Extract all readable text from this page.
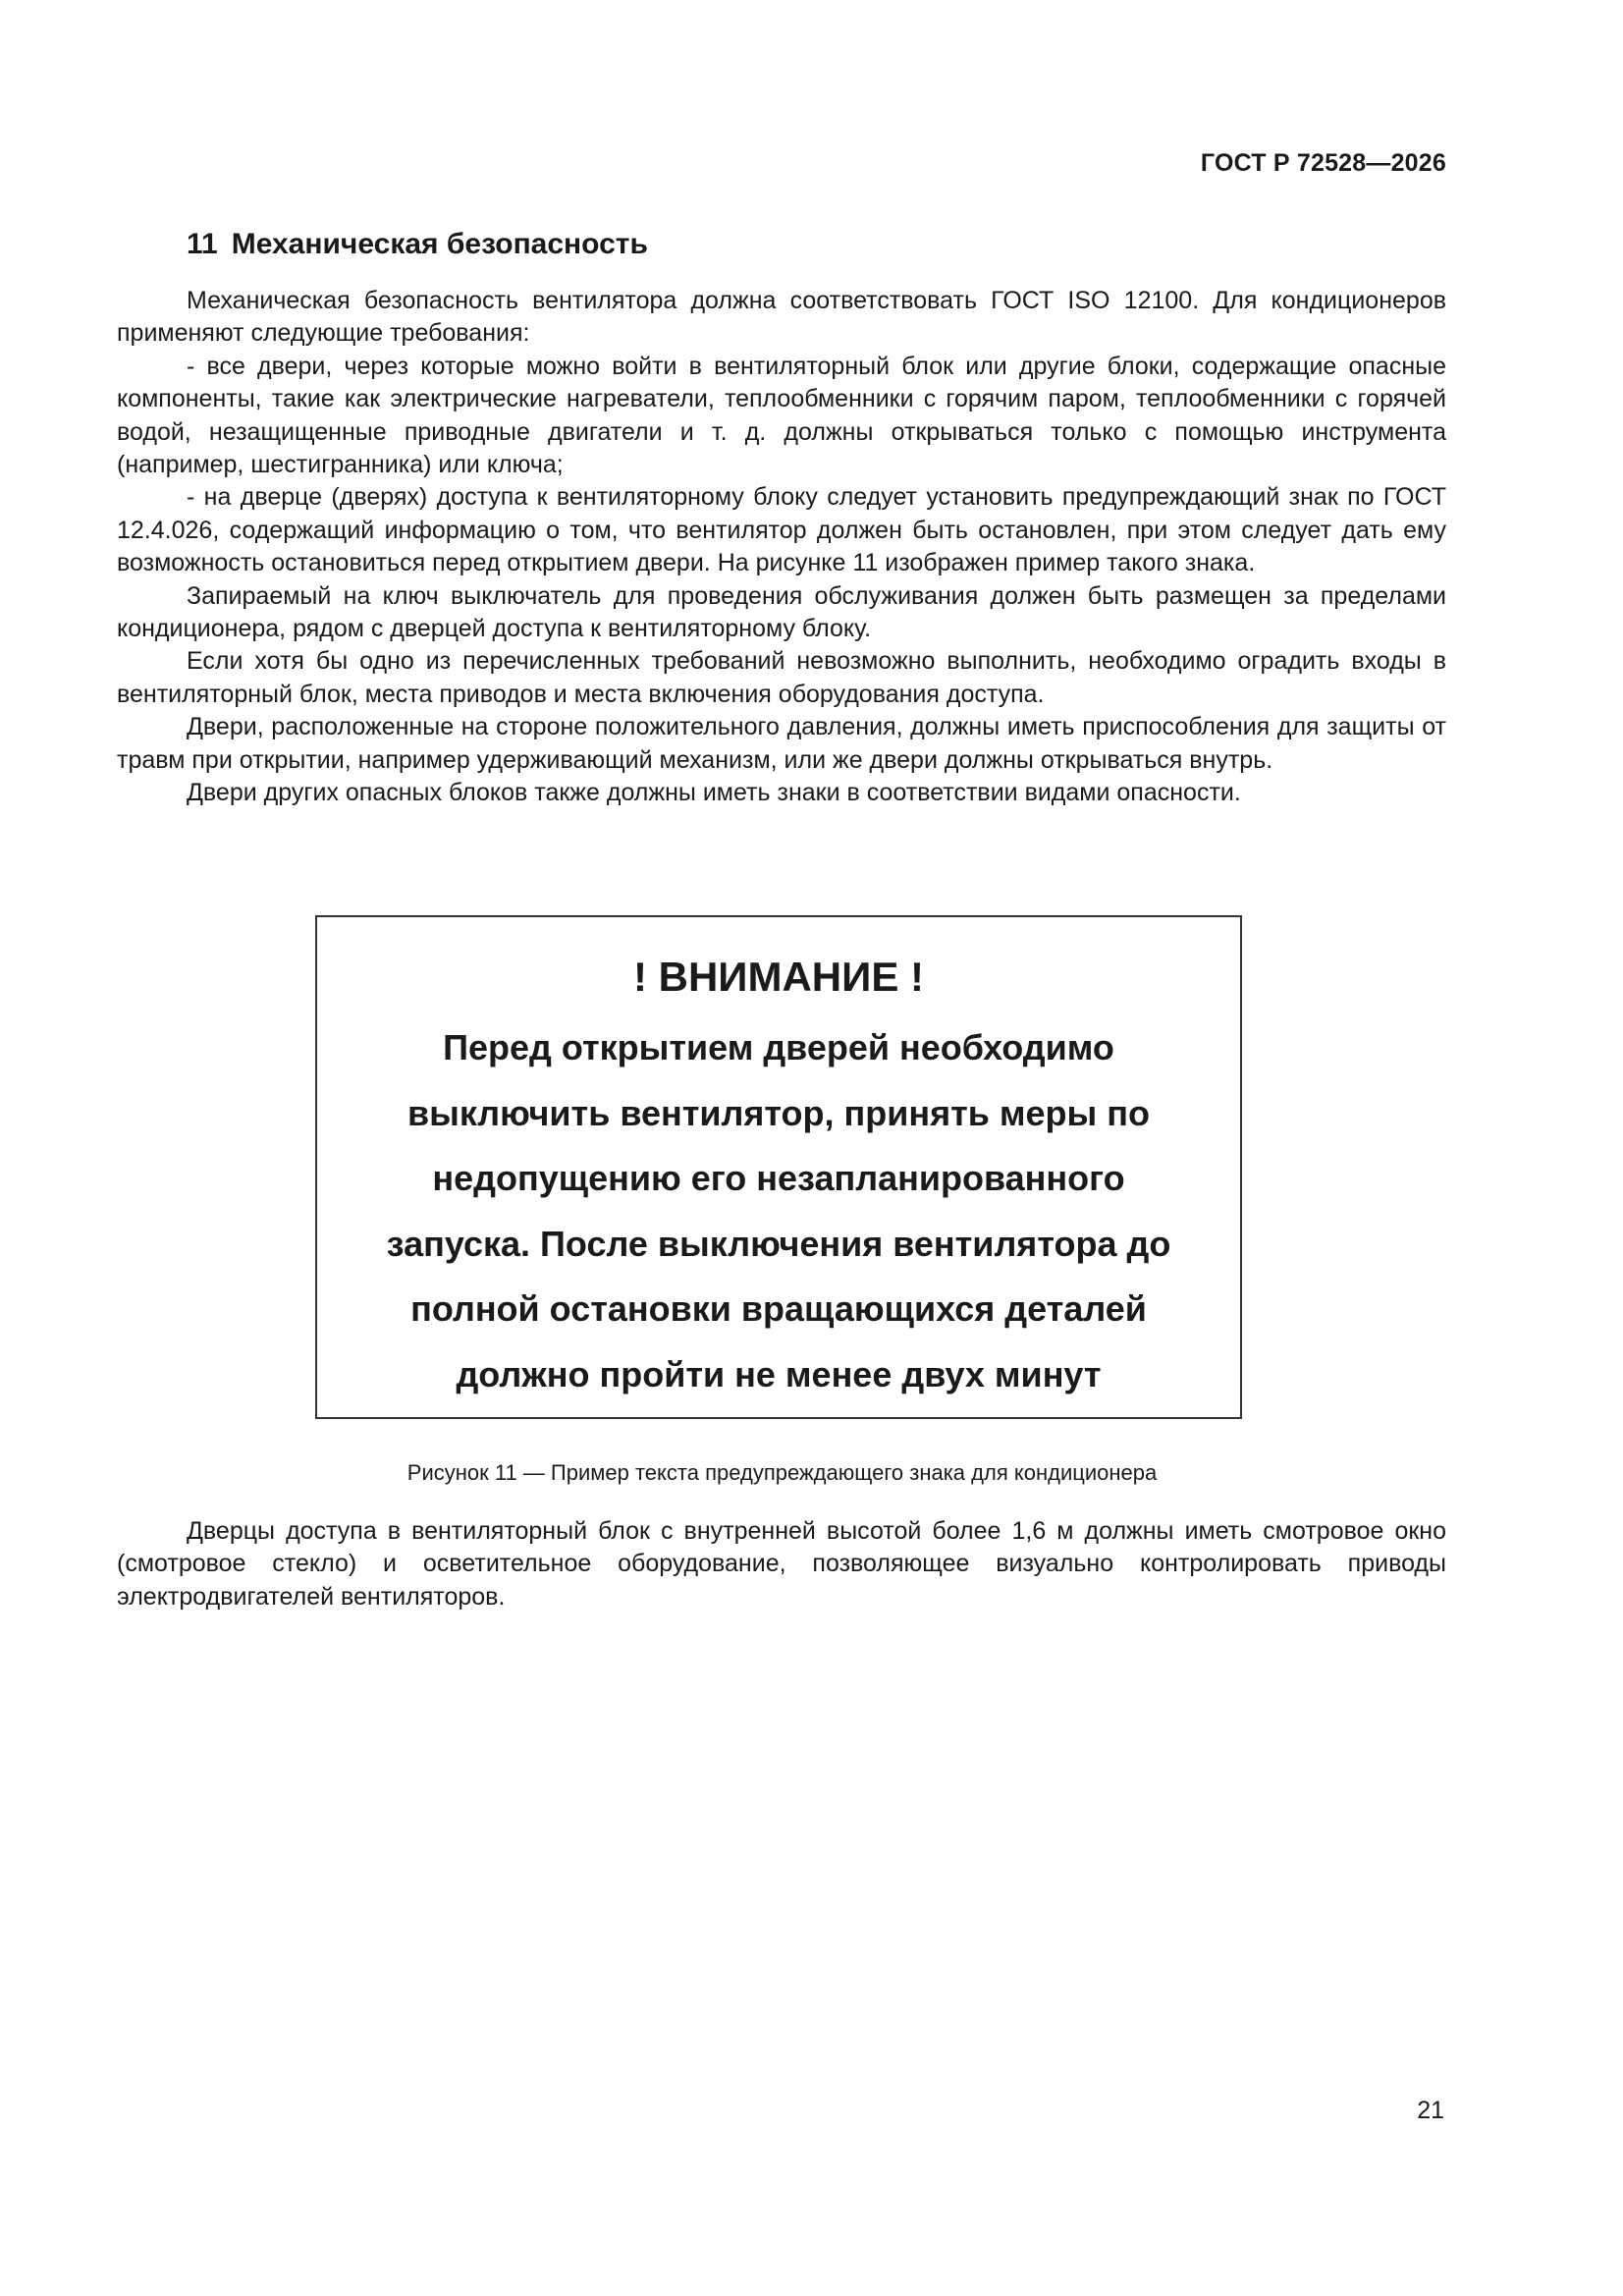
ГОСТ Р 72528—2026
11 Механическая безопасность

Механическая безопасность вентилятора должна соответствовать ГОСТ ISO 12100. Для кондиционеров применяют следующие требования:

- все двери, через которые можно войти в вентиляторный блок или другие блоки, содержащие опасные компоненты, такие как электрические нагреватели, теплообменники с горячим паром, теплообменники с горячей водой, незащищенные приводные двигатели и т. д. должны открываться только с помощью инструмента (например, шестигранника) или ключа;

- на дверце (дверях) доступа к вентиляторному блоку следует установить предупреждающий знак по ГОСТ 12.4.026, содержащий информацию о том, что вентилятор должен быть остановлен, при этом следует дать ему возможность остановиться перед открытием двери. На рисунке 11 изображен пример такого знака.

Запираемый на ключ выключатель для проведения обслуживания должен быть размещен за пределами кондиционера, рядом с дверцей доступа к вентиляторному блоку.

Если хотя бы одно из перечисленных требований невозможно выполнить, необходимо оградить входы в вентиляторный блок, места приводов и места включения оборудования доступа.

Двери, расположенные на стороне положительного давления, должны иметь приспособления для защиты от травм при открытии, например удерживающий механизм, или же двери должны открываться внутрь.

Двери других опасных блоков также должны иметь знаки в соответствии видами опасности.

! ВНИМАНИЕ !
Перед открытием дверей необходимо
выключить вентилятор, принять меры по
недопущению его незапланированного
запуска. После выключения вентилятора до
полной остановки вращающихся деталей
должно пройти не менее двух минут
Рисунок 11 — Пример текста предупреждающего знака для кондиционера

Дверцы доступа в вентиляторный блок с внутренней высотой более 1,6 м должны иметь смотровое окно (смотровое стекло) и осветительное оборудование, позволяющее визуально контролировать приводы электродвигателей вентиляторов.

21
